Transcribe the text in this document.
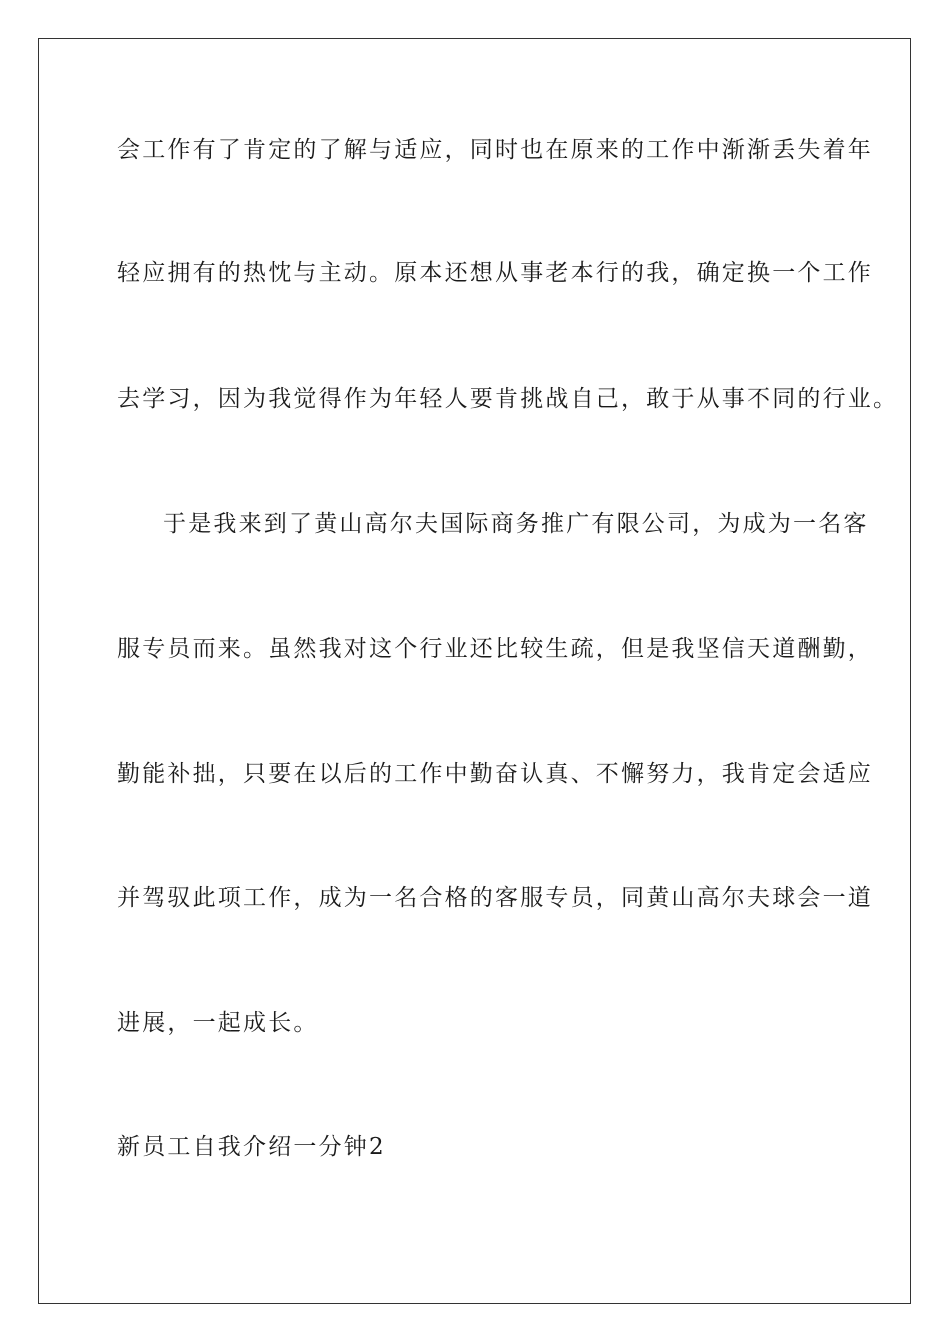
会工作有了肯定的了解与适应，同时也在原来的工作中渐渐丢失着年
轻应拥有的热忱与主动。原本还想从事老本行的我，确定换一个工作
去学习，因为我觉得作为年轻人要肯挑战自己，敢于从事不同的行业。
于是我来到了黄山高尔夫国际商务推广有限公司，为成为一名客
服专员而来。虽然我对这个行业还比较生疏，但是我坚信天道酬勤，
勤能补拙，只要在以后的工作中勤奋认真、不懈努力，我肯定会适应
并驾驭此项工作，成为一名合格的客服专员，同黄山高尔夫球会一道
进展，一起成长。
新员工自我介绍一分钟2
